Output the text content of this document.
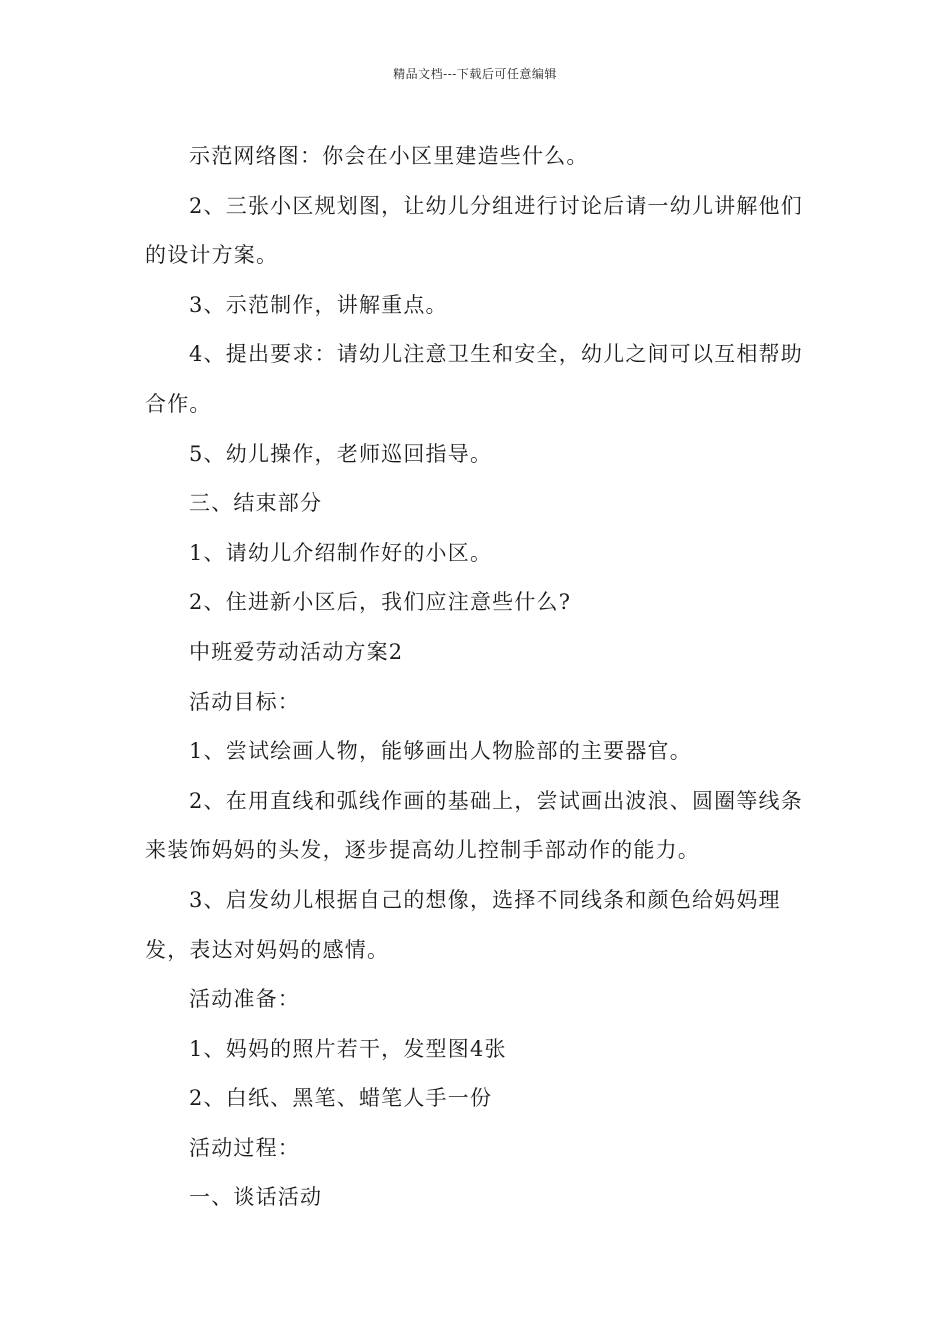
精品文档---下载后可任意编辑

示范网络图：你会在小区里建造些什么。

2、三张小区规划图，让幼儿分组进行讨论后请一幼儿讲解他们的设计方案。

3、示范制作，讲解重点。

4、提出要求：请幼儿注意卫生和安全，幼儿之间可以互相帮助合作。

5、幼儿操作，老师巡回指导。

三、结束部分

1、请幼儿介绍制作好的小区。

2、住进新小区后，我们应注意些什么?

中班爱劳动活动方案2

活动目标：

1、尝试绘画人物，能够画出人物脸部的主要器官。

2、在用直线和弧线作画的基础上，尝试画出波浪、圆圈等线条来装饰妈妈的头发，逐步提高幼儿控制手部动作的能力。

3、启发幼儿根据自己的想像，选择不同线条和颜色给妈妈理发，表达对妈妈的感情。

活动准备：

1、妈妈的照片若干，发型图4张

2、白纸、黑笔、蜡笔人手一份

活动过程：

一、谈话活动
